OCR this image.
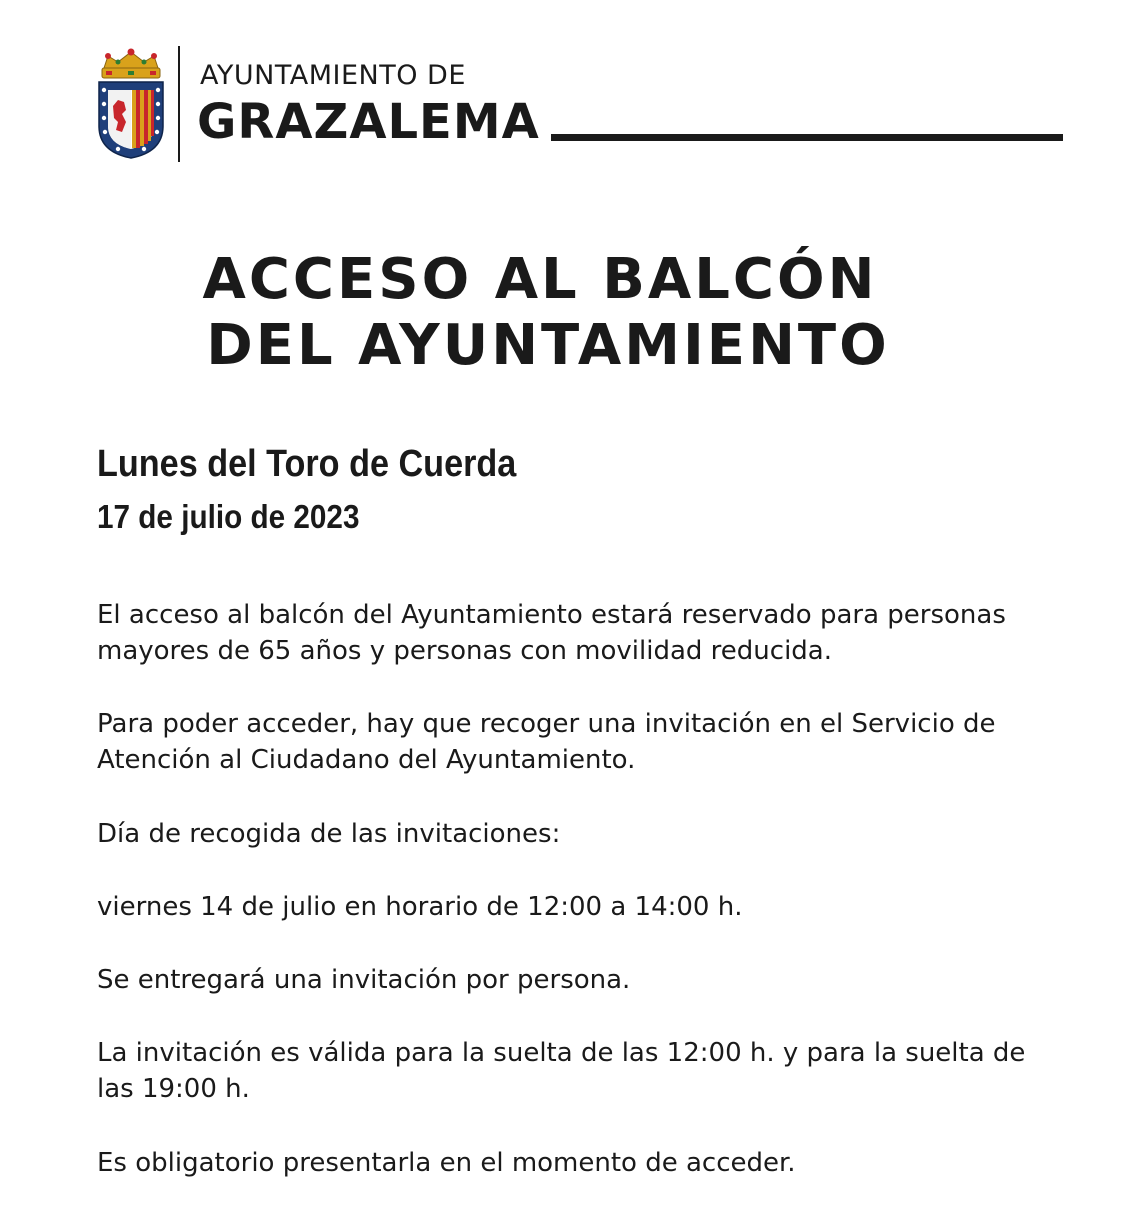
AYUNTAMIENTO DE
GRAZALEMA
ACCESO AL BALCÓN
DEL AYUNTAMIENTO
Lunes del Toro de Cuerda
17 de julio de 2023

El acceso al balcón del Ayuntamiento estará reservado para personas mayores de 65 años y personas con movilidad reducida.

Para poder acceder, hay que recoger una invitación en el Servicio de Atención al Ciudadano del Ayuntamiento.

Día de recogida de las invitaciones:

viernes 14 de julio en horario de 12:00 a 14:00 h.

Se entregará una invitación por persona.

La invitación es válida para la suelta de las 12:00 h. y para la suelta de las 19:00 h.

Es obligatorio presentarla en el momento de acceder.
